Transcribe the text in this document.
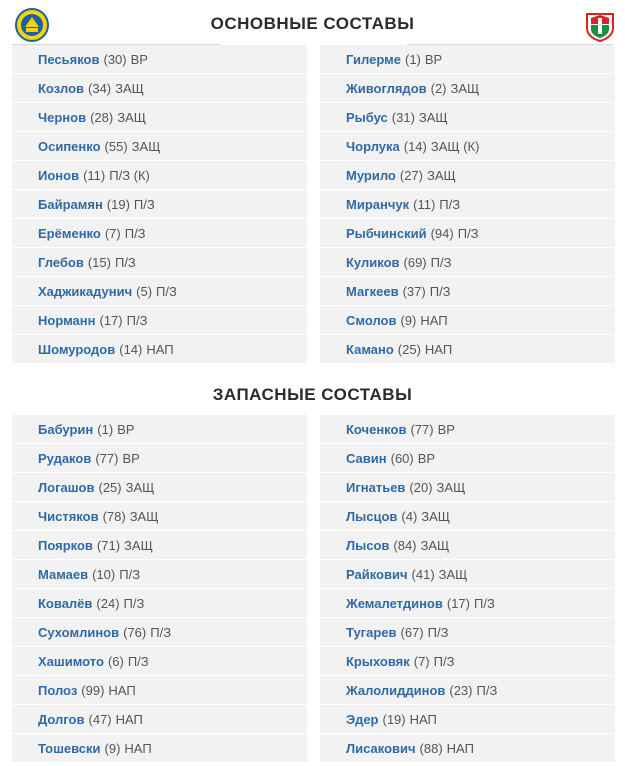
ОСНОВНЫЕ СОСТАВЫ
Песьяков (30) ВР
Козлов (34) ЗАЩ
Чернов (28) ЗАЩ
Осипенко (55) ЗАЩ
Ионов (11) П/З (К)
Байрамян (19) П/З
Ерёменко (7) П/З
Глебов (15) П/З
Хаджикадунич (5) П/З
Норманн (17) П/З
Шомуродов (14) НАП
Гилерме (1) ВР
Живоглядов (2) ЗАЩ
Рыбус (31) ЗАЩ
Чорлука (14) ЗАЩ (К)
Мурило (27) ЗАЩ
Миранчук (11) П/З
Рыбчинский (94) П/З
Куликов (69) П/З
Магкеев (37) П/З
Смолов (9) НАП
Камано (25) НАП
ЗАПАСНЫЕ СОСТАВЫ
Бабурин (1) ВР
Рудаков (77) ВР
Логашов (25) ЗАЩ
Чистяков (78) ЗАЩ
Поярков (71) ЗАЩ
Мамаев (10) П/З
Ковалёв (24) П/З
Сухомлинов (76) П/З
Хашимото (6) П/З
Полоз (99) НАП
Долгов (47) НАП
Тошевски (9) НАП
Коченков (77) ВР
Савин (60) ВР
Игнатьев (20) ЗАЩ
Лысцов (4) ЗАЩ
Лысов (84) ЗАЩ
Райкович (41) ЗАЩ
Жемалетдинов (17) П/З
Тугарев (67) П/З
Крыховяк (7) П/З
Жалолиддинов (23) П/З
Эдер (19) НАП
Лисакович (88) НАП
